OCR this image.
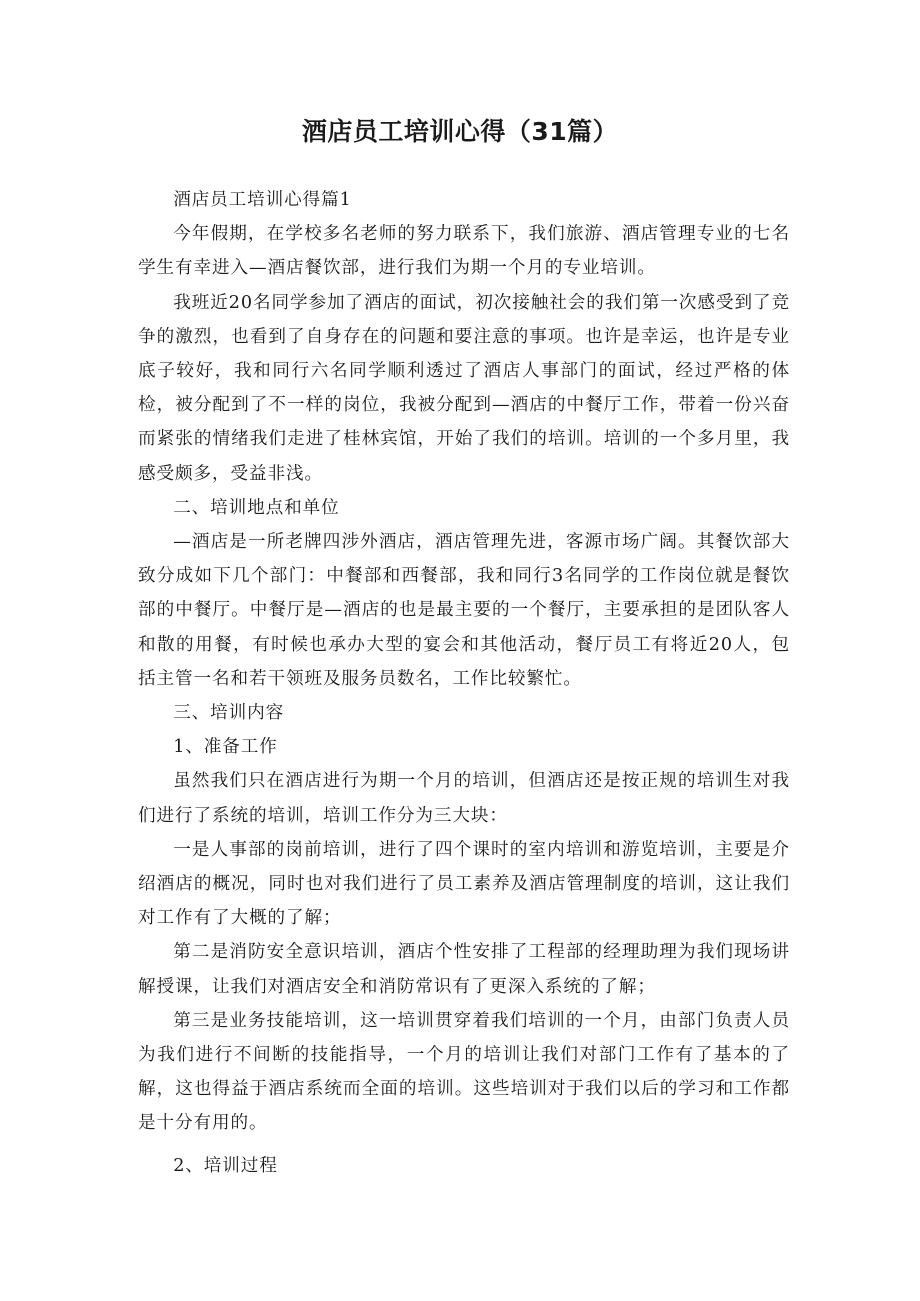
酒店员工培训心得（31篇）

酒店员工培训心得篇1

今年假期，在学校多名老师的努力联系下，我们旅游、酒店管理专业的七名学生有幸进入—酒店餐饮部，进行我们为期一个月的专业培训。

我班近20名同学参加了酒店的面试，初次接触社会的我们第一次感受到了竞争的激烈，也看到了自身存在的问题和要注意的事项。也许是幸运，也许是专业底子较好，我和同行六名同学顺利透过了酒店人事部门的面试，经过严格的体检，被分配到了不一样的岗位，我被分配到—酒店的中餐厅工作，带着一份兴奋而紧张的情绪我们走进了桂林宾馆，开始了我们的培训。培训的一个多月里，我感受颇多，受益非浅。

二、培训地点和单位

—酒店是一所老牌四涉外酒店，酒店管理先进，客源市场广阔。其餐饮部大致分成如下几个部门：中餐部和西餐部，我和同行3名同学的工作岗位就是餐饮部的中餐厅。中餐厅是—酒店的也是最主要的一个餐厅，主要承担的是团队客人和散的用餐，有时候也承办大型的宴会和其他活动，餐厅员工有将近20人，包括主管一名和若干领班及服务员数名，工作比较繁忙。

三、培训内容

1、准备工作

虽然我们只在酒店进行为期一个月的培训，但酒店还是按正规的培训生对我们进行了系统的培训，培训工作分为三大块：

一是人事部的岗前培训，进行了四个课时的室内培训和游览培训，主要是介绍酒店的概况，同时也对我们进行了员工素养及酒店管理制度的培训，这让我们对工作有了大概的了解；

第二是消防安全意识培训，酒店个性安排了工程部的经理助理为我们现场讲解授课，让我们对酒店安全和消防常识有了更深入系统的了解；

第三是业务技能培训，这一培训贯穿着我们培训的一个月，由部门负责人员为我们进行不间断的技能指导，一个月的培训让我们对部门工作有了基本的了解，这也得益于酒店系统而全面的培训。这些培训对于我们以后的学习和工作都是十分有用的。

2、培训过程
